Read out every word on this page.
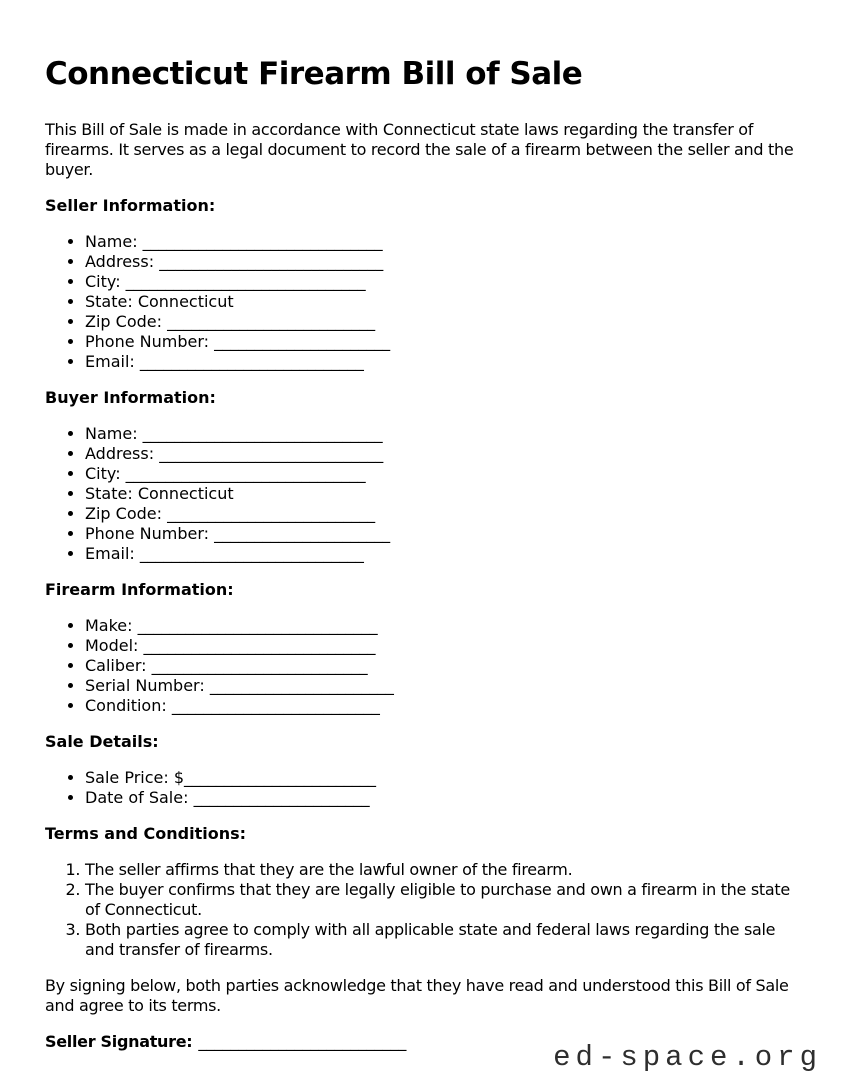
Connecticut Firearm Bill of Sale

This Bill of Sale is made in accordance with Connecticut state laws regarding the transfer of firearms. It serves as a legal document to record the sale of a firearm between the seller and the buyer.

Seller Information:

• Name: ______________________________
• Address: ____________________________
• City: ______________________________
• State: Connecticut
• Zip Code: __________________________
• Phone Number: ______________________
• Email: ____________________________

Buyer Information:

• Name: ______________________________
• Address: ____________________________
• City: ______________________________
• State: Connecticut
• Zip Code: __________________________
• Phone Number: ______________________
• Email: ____________________________

Firearm Information:

• Make: ______________________________
• Model: _____________________________
• Caliber: ___________________________
• Serial Number: _______________________
• Condition: __________________________

Sale Details:

• Sale Price: $________________________
• Date of Sale: ______________________

Terms and Conditions:

1. The seller affirms that they are the lawful owner of the firearm.
2. The buyer confirms that they are legally eligible to purchase and own a firearm in the state of Connecticut.
3. Both parties agree to comply with all applicable state and federal laws regarding the sale and transfer of firearms.

By signing below, both parties acknowledge that they have read and understood this Bill of Sale and agree to its terms.

Seller Signature: __________________________	ed-space.org
